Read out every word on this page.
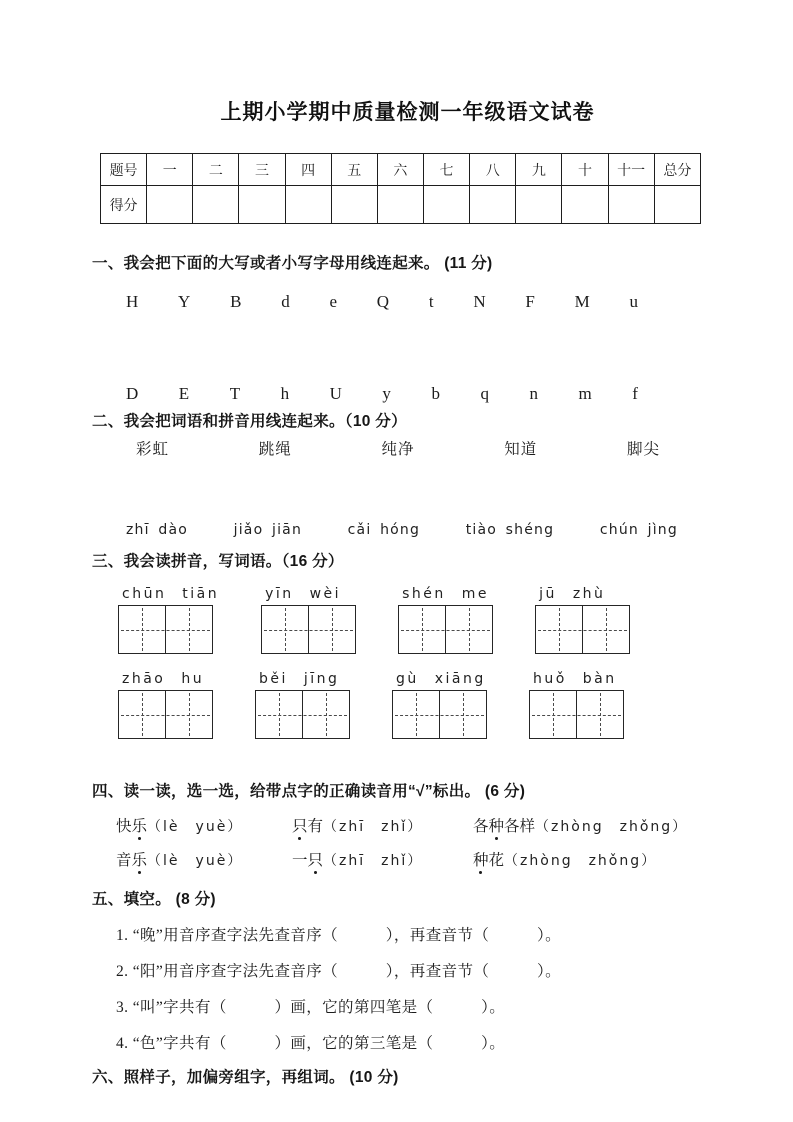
上期小学期中质量检测一年级语文试卷
题号	一	二	三	四	五	六	七	八	九	十	十一	总分
得分												
一、我会把下面的大写或者小写字母用线连起来。 (11 分)
H Y B d e Q t N F M u
D E T h U y b q n m f
二、我会把词语和拼音用线连起来。（10 分）
彩虹	跳绳	纯净	知道	脚尖
zhī dào	jiǎo jiān	cǎi hóng	tiào shéng	chún jìng
三、我会读拼音，写词语。（16 分）
chūn tiān	yīn wèi	shén me	jū zhù
zhāo hu	běi jīng	gù xiāng	huǒ bàn
四、读一读，选一选，给带点字的正确读音用“√”标出。 (6 分)
快乐（lè　yuè）	只有（zhī　zhǐ）	各种各样（zhòng　zhǒng）
音乐（lè　yuè）	一只（zhī　zhǐ）	种花（zhòng　zhǒng）
五、填空。 (8 分)
1. “晚”用音序查字法先查音序（　　　），再查音节（　　　）。
2. “阳”用音序查字法先查音序（　　　），再查音节（　　　）。
3. “叫”字共有（　　　）画，它的第四笔是（　　　）。
4. “色”字共有（　　　）画，它的第三笔是（　　　）。
六、照样子，加偏旁组字，再组词。 (10 分)
